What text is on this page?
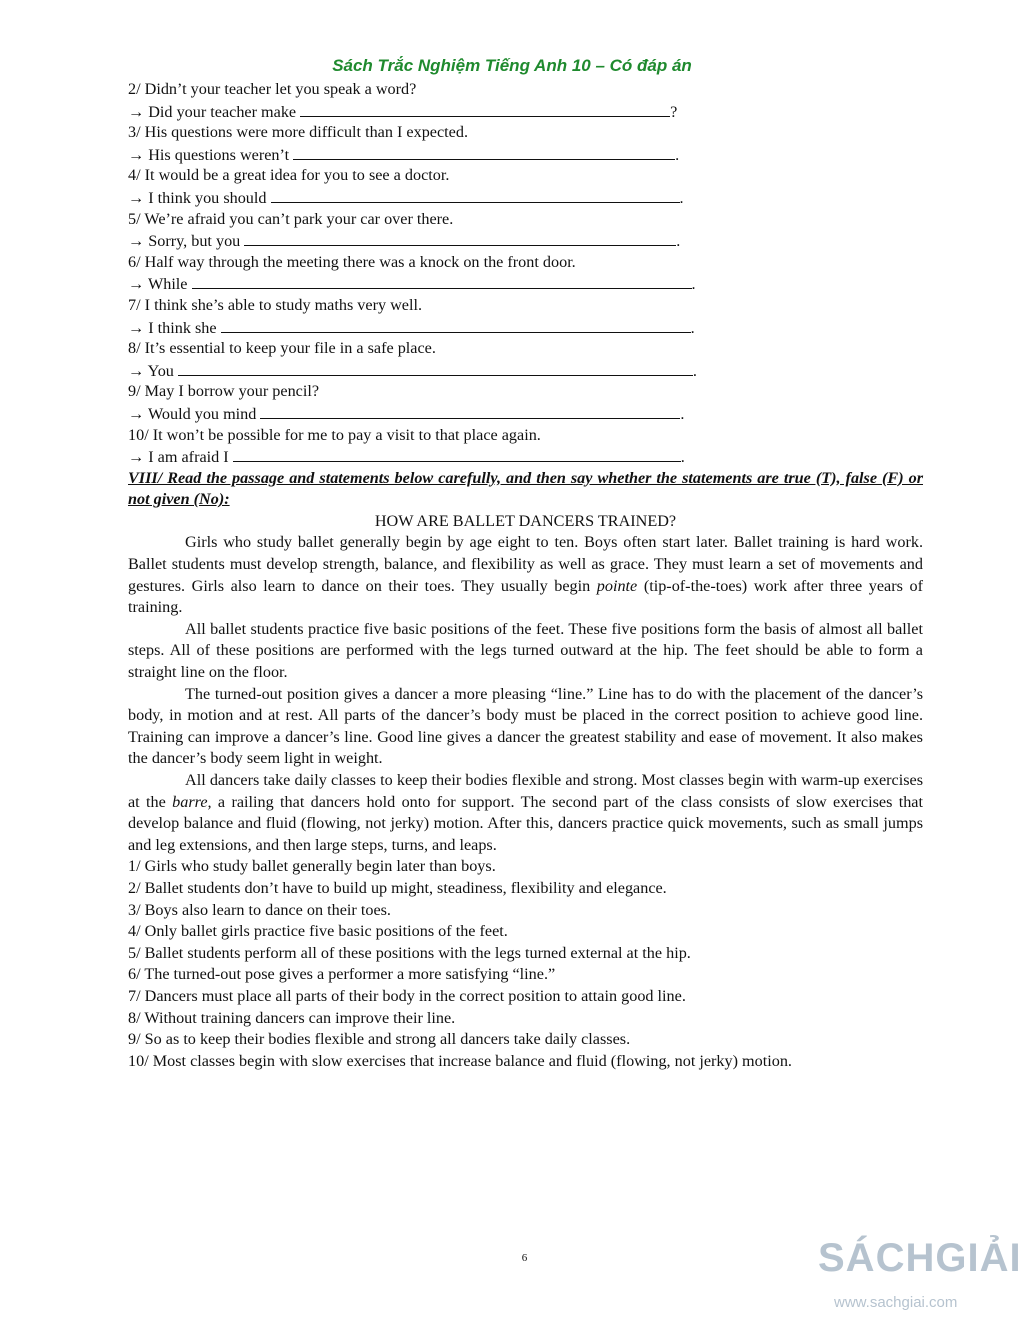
Sách Trắc Nghiệm Tiếng Anh 10 – Có đáp án
2/ Didn’t your teacher let you speak a word?
→ Did your teacher make	?
3/ His questions were more difficult than I expected.
→ His questions weren’t	.
4/ It would be a great idea for you to see a doctor.
→ I think you should	.
5/ We’re afraid you can’t park your car over there.
→ Sorry, but you	.
6/ Half way through the meeting there was a knock on the front door.
→ While	.
7/ I think she’s able to study maths very well.
→ I think she	.
8/ It’s essential to keep your file in a safe place.
→ You	.
9/ May I borrow your pencil?
→ Would you mind	.
10/ It won’t be possible for me to pay a visit to that place again.
→ I am afraid I	.
VIII/ Read the passage and statements below carefully, and then say whether the statements are true (T), false (F) or not given (No):
HOW ARE BALLET DANCERS TRAINED?
Girls who study ballet generally begin by age eight to ten. Boys often start later. Ballet training is hard work. Ballet students must develop strength, balance, and flexibility as well as grace. They must learn a set of movements and gestures. Girls also learn to dance on their toes. They usually begin pointe (tip-of-the-toes) work after three years of training.
All ballet students practice five basic positions of the feet. These five positions form the basis of almost all ballet steps. All of these positions are performed with the legs turned outward at the hip. The feet should be able to form a straight line on the floor.
The turned-out position gives a dancer a more pleasing “line.” Line has to do with the placement of the dancer’s body, in motion and at rest. All parts of the dancer’s body must be placed in the correct position to achieve good line. Training can improve a dancer’s line. Good line gives a dancer the greatest stability and ease of movement. It also makes the dancer’s body seem light in weight.
All dancers take daily classes to keep their bodies flexible and strong. Most classes begin with warm-up exercises at the barre, a railing that dancers hold onto for support. The second part of the class consists of slow exercises that develop balance and fluid (flowing, not jerky) motion. After this, dancers practice quick movements, such as small jumps and leg extensions, and then large steps, turns, and leaps.
1/ Girls who study ballet generally begin later than boys.
2/ Ballet students don’t have to build up might, steadiness, flexibility and elegance.
3/ Boys also learn to dance on their toes.
4/ Only ballet girls practice five basic positions of the feet.
5/ Ballet students perform all of these positions with the legs turned external at the hip.
6/ The turned-out pose gives a performer a more satisfying “line.”
7/ Dancers must place all parts of their body in the correct position to attain good line.
8/ Without training dancers can improve their line.
9/ So as to keep their bodies flexible and strong all dancers take daily classes.
10/ Most classes begin with slow exercises that increase balance and fluid (flowing, not jerky) motion.
6	SÁCHGIẢI
www.sachgiai.com
